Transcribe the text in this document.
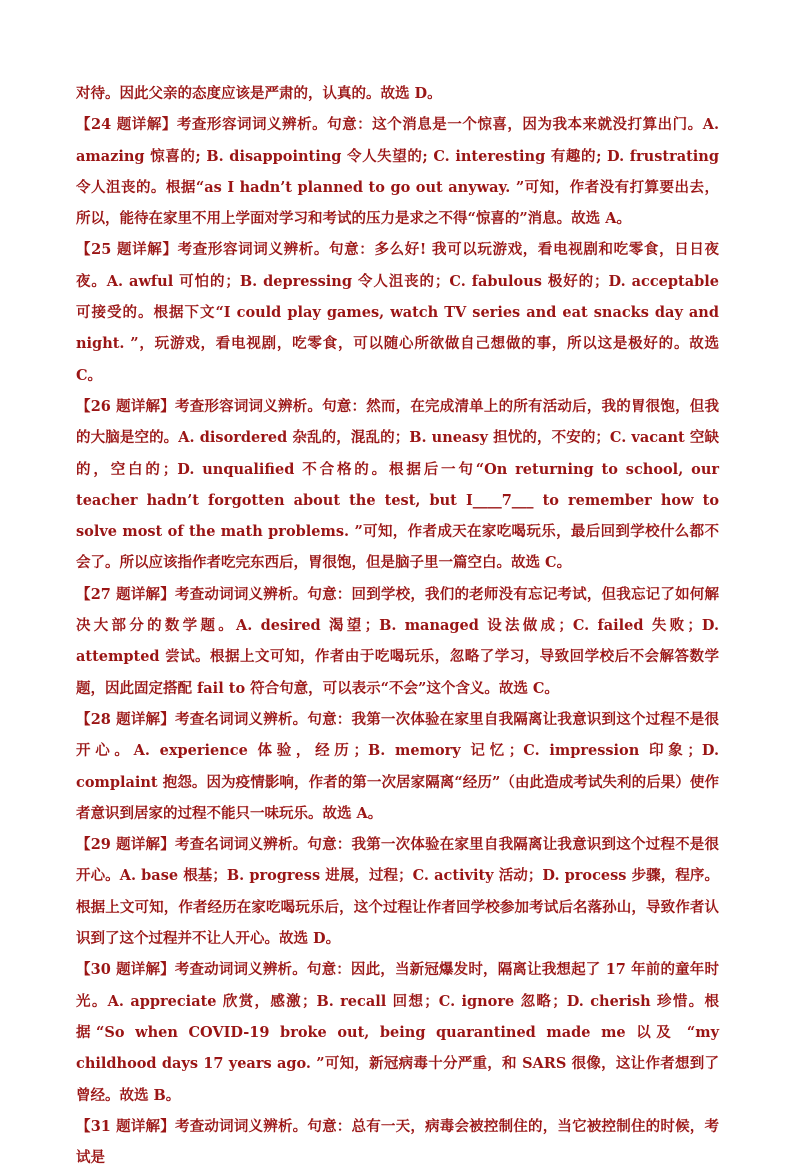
对待。因此父亲的态度应该是严肃的，认真的。故选 D。

【24 题详解】考查形容词词义辨析。句意：这个消息是一个惊喜，因为我本来就没打算出门。A. amazing 惊喜的; B. disappointing 令人失望的; C. interesting 有趣的; D. frustrating 令人沮丧的。根据“as I hadn’t planned to go out anyway. ”可知，作者没有打算要出去，所以，能待在家里不用上学面对学习和考试的压力是求之不得“惊喜的”消息。故选 A。

【25 题详解】考查形容词词义辨析。句意：多么好! 我可以玩游戏，看电视剧和吃零食，日日夜夜。A. awful 可怕的；B. depressing 令人沮丧的；C. fabulous 极好的；D. acceptable 可接受的。根据下文“I could play games, watch TV series and eat snacks day and night. ”，玩游戏，看电视剧，吃零食，可以随心所欲做自己想做的事，所以这是极好的。故选 C。

【26 题详解】考查形容词词义辨析。句意：然而，在完成清单上的所有活动后，我的胃很饱，但我的大脑是空的。A. disordered 杂乱的，混乱的；B. uneasy 担忧的，不安的；C. vacant 空缺的，空白的；D. unqualified 不合格的。根据后一句“On returning to school, our teacher hadn’t forgotten about the test, but I____7___ to remember how to solve most of the math problems. ”可知，作者成天在家吃喝玩乐，最后回到学校什么都不会了。所以应该指作者吃完东西后，胃很饱，但是脑子里一篇空白。故选 C。

【27 题详解】考查动词词义辨析。句意：回到学校，我们的老师没有忘记考试，但我忘记了如何解决大部分的数学题。A. desired 渴望；B. managed 设法做成；C. failed 失败；D. attempted 尝试。根据上文可知，作者由于吃喝玩乐，忽略了学习，导致回学校后不会解答数学题，因此固定搭配 fail to 符合句意，可以表示“不会”这个含义。故选 C。

【28 题详解】考查名词词义辨析。句意：我第一次体验在家里自我隔离让我意识到这个过程不是很开心。A. experience 体验，经历；B. memory 记忆；C. impression 印象；D. complaint 抱怨。因为疫情影响，作者的第一次居家隔离“经历”（由此造成考试失利的后果）使作者意识到居家的过程不能只一味玩乐。故选 A。

【29 题详解】考查名词词义辨析。句意：我第一次体验在家里自我隔离让我意识到这个过程不是很开心。A. base 根基；B. progress 进展，过程；C. activity 活动；D. process 步骤，程序。根据上文可知，作者经历在家吃喝玩乐后，这个过程让作者回学校参加考试后名落孙山，导致作者认识到了这个过程并不让人开心。故选 D。

【30 题详解】考查动词词义辨析。句意：因此，当新冠爆发时，隔离让我想起了 17 年前的童年时光。A. appreciate 欣赏，感激；B. recall 回想；C. ignore 忽略；D. cherish 珍惜。根据“So when COVID-19 broke out, being quarantined made me 以及 “my childhood days 17 years ago. ”可知，新冠病毒十分严重，和 SARS 很像，这让作者想到了曾经。故选 B。

【31 题详解】考查动词词义辨析。句意：总有一天，病毒会被控制住的，当它被控制住的时候，考试是
